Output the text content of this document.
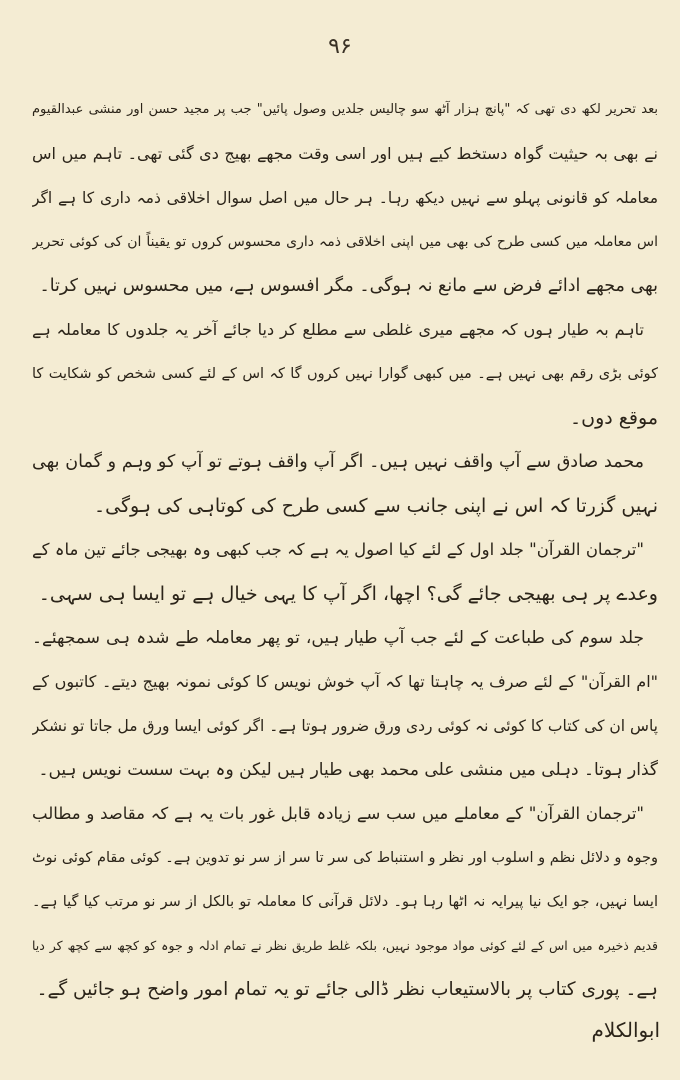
۹۶
بعد تحریر لکھ دی تھی کہ "پانچ ہزار آٹھ سو چالیس جلدیں وصول پائیں" جب پر مجید حسن اور منشی عبدالقیوم
نے بھی بہ حیثیت گواہ دستخط کیے ہیں اور اسی وقت مجھے بھیج دی گئی تھی۔ تاہم میں اس
معاملہ کو قانونی پہلو سے نہیں دیکھ رہا۔ ہر حال میں اصل سوال اخلاقی ذمہ داری کا ہے اگر
اس معاملہ میں کسی طرح کی بھی میں اپنی اخلاقی ذمہ داری محسوس کروں تو یقیناً ان کی کوئی تحریر
بھی مجھے ادائے فرض سے مانع نہ ہوگی۔ مگر افسوس ہے، میں محسوس نہیں کرتا۔
تاہم بہ طیار ہوں کہ مجھے میری غلطی سے مطلع کر دیا جائے آخر یہ جلدوں کا معاملہ ہے
کوئی بڑی رقم بھی نہیں ہے۔ میں کبھی گوارا نہیں کروں گا کہ اس کے لئے کسی شخص کو شکایت کا
موقع دوں۔
محمد صادق سے آپ واقف نہیں ہیں۔ اگر آپ واقف ہوتے تو آپ کو وہم و گمان بھی
نہیں گزرتا کہ اس نے اپنی جانب سے کسی طرح کی کوتاہی کی ہوگی۔
"ترجمان القرآن" جلد اول کے لئے کیا اصول یہ ہے کہ جب کبھی وہ بھیجی جائے تین ماہ کے
وعدے پر ہی بھیجی جائے گی؟ اچھا، اگر آپ کا یہی خیال ہے تو ایسا ہی سہی۔
جلد سوم کی طباعت کے لئے جب آپ طیار ہیں، تو پھر معاملہ طے شدہ ہی سمجھئے۔
"ام القرآن" کے لئے صرف یہ چاہتا تھا کہ آپ خوش نویس کا کوئی نمونہ بھیج دیتے۔ کاتبوں کے
پاس ان کی کتاب کا کوئی نہ کوئی ردی ورق ضرور ہوتا ہے۔ اگر کوئی ایسا ورق مل جاتا تو نشکر
گذار ہوتا۔ دہلی میں منشی علی محمد بھی طیار ہیں لیکن وہ بہت سست نویس ہیں۔
"ترجمان القرآن" کے معاملے میں سب سے زیادہ قابل غور بات یہ ہے کہ مقاصد و مطالب
وجوہ و دلائل نظم و اسلوب اور نظر و استنباط کی سر تا سر از سر نو تدوین ہے۔ کوئی مقام کوئی نوٹ
ایسا نہیں، جو ایک نیا پیرایہ نہ اٹھا رہا ہو۔ دلائل قرآنی کا معاملہ تو بالکل از سر نو مرتب کیا گیا ہے۔
قدیم ذخیرہ میں اس کے لئے کوئی مواد موجود نہیں، بلکہ غلط طریق نظر نے تمام ادلہ و جوہ کو کچھ سے کچھ کر دیا
ہے۔ پوری کتاب پر بالاستیعاب نظر ڈالی جائے تو یہ تمام امور واضح ہو جائیں گے۔
ابوالکلام
